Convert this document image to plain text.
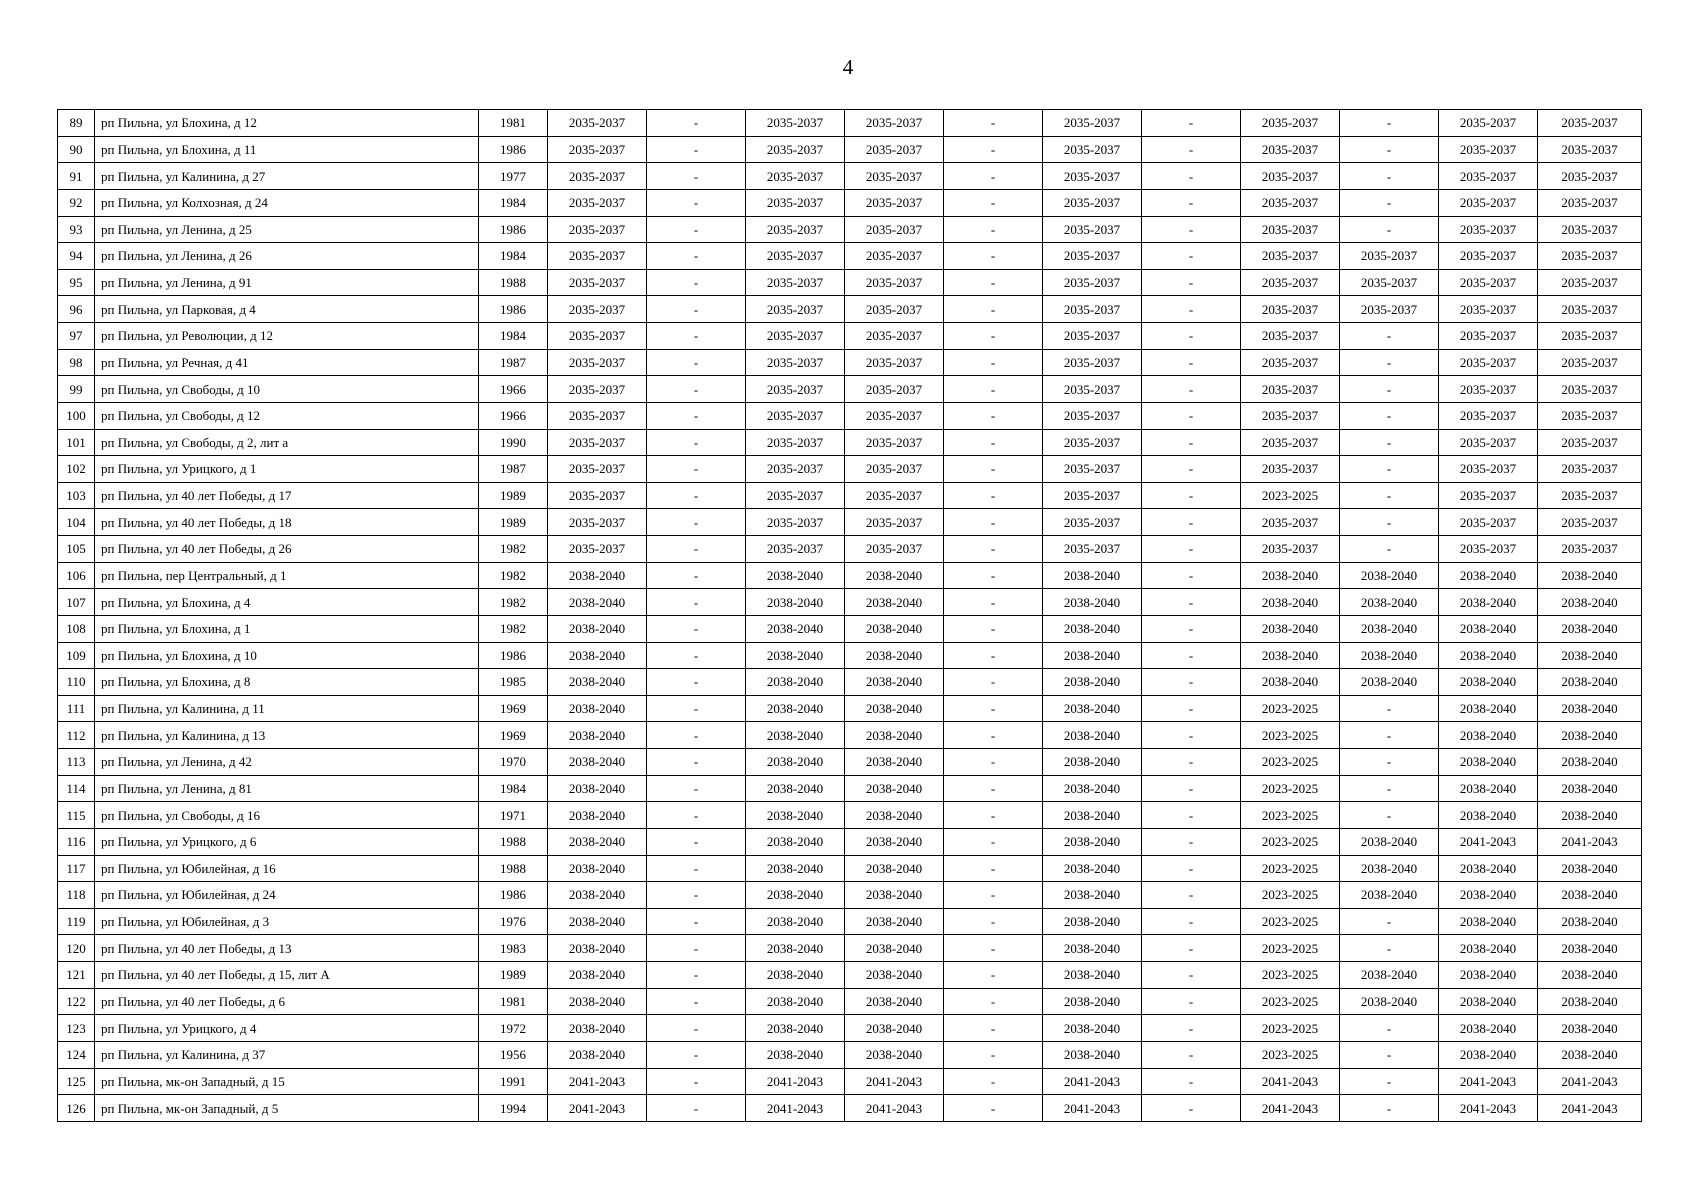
4
89	рп Пильна, ул Блохина, д 12	1981	2035-2037	-	2035-2037	2035-2037	-	2035-2037	-	2035-2037	-	2035-2037	2035-2037
90	рп Пильна, ул Блохина, д 11	1986	2035-2037	-	2035-2037	2035-2037	-	2035-2037	-	2035-2037	-	2035-2037	2035-2037
91	рп Пильна, ул Калинина, д 27	1977	2035-2037	-	2035-2037	2035-2037	-	2035-2037	-	2035-2037	-	2035-2037	2035-2037
92	рп Пильна, ул Колхозная, д 24	1984	2035-2037	-	2035-2037	2035-2037	-	2035-2037	-	2035-2037	-	2035-2037	2035-2037
93	рп Пильна, ул Ленина, д 25	1986	2035-2037	-	2035-2037	2035-2037	-	2035-2037	-	2035-2037	-	2035-2037	2035-2037
94	рп Пильна, ул Ленина, д 26	1984	2035-2037	-	2035-2037	2035-2037	-	2035-2037	-	2035-2037	2035-2037	2035-2037	2035-2037
95	рп Пильна, ул Ленина, д 91	1988	2035-2037	-	2035-2037	2035-2037	-	2035-2037	-	2035-2037	2035-2037	2035-2037	2035-2037
96	рп Пильна, ул Парковая, д 4	1986	2035-2037	-	2035-2037	2035-2037	-	2035-2037	-	2035-2037	2035-2037	2035-2037	2035-2037
97	рп Пильна, ул Революции, д 12	1984	2035-2037	-	2035-2037	2035-2037	-	2035-2037	-	2035-2037	-	2035-2037	2035-2037
98	рп Пильна, ул Речная, д 41	1987	2035-2037	-	2035-2037	2035-2037	-	2035-2037	-	2035-2037	-	2035-2037	2035-2037
99	рп Пильна, ул Свободы, д 10	1966	2035-2037	-	2035-2037	2035-2037	-	2035-2037	-	2035-2037	-	2035-2037	2035-2037
100	рп Пильна, ул Свободы, д 12	1966	2035-2037	-	2035-2037	2035-2037	-	2035-2037	-	2035-2037	-	2035-2037	2035-2037
101	рп Пильна, ул Свободы, д 2, лит а	1990	2035-2037	-	2035-2037	2035-2037	-	2035-2037	-	2035-2037	-	2035-2037	2035-2037
102	рп Пильна, ул Урицкого, д 1	1987	2035-2037	-	2035-2037	2035-2037	-	2035-2037	-	2035-2037	-	2035-2037	2035-2037
103	рп Пильна, ул 40 лет Победы, д 17	1989	2035-2037	-	2035-2037	2035-2037	-	2035-2037	-	2023-2025	-	2035-2037	2035-2037
104	рп Пильна, ул 40 лет Победы, д 18	1989	2035-2037	-	2035-2037	2035-2037	-	2035-2037	-	2035-2037	-	2035-2037	2035-2037
105	рп Пильна, ул 40 лет Победы, д 26	1982	2035-2037	-	2035-2037	2035-2037	-	2035-2037	-	2035-2037	-	2035-2037	2035-2037
106	рп Пильна, пер Центральный, д 1	1982	2038-2040	-	2038-2040	2038-2040	-	2038-2040	-	2038-2040	2038-2040	2038-2040	2038-2040
107	рп Пильна, ул Блохина, д 4	1982	2038-2040	-	2038-2040	2038-2040	-	2038-2040	-	2038-2040	2038-2040	2038-2040	2038-2040
108	рп Пильна, ул Блохина, д 1	1982	2038-2040	-	2038-2040	2038-2040	-	2038-2040	-	2038-2040	2038-2040	2038-2040	2038-2040
109	рп Пильна, ул Блохина, д 10	1986	2038-2040	-	2038-2040	2038-2040	-	2038-2040	-	2038-2040	2038-2040	2038-2040	2038-2040
110	рп Пильна, ул Блохина, д 8	1985	2038-2040	-	2038-2040	2038-2040	-	2038-2040	-	2038-2040	2038-2040	2038-2040	2038-2040
111	рп Пильна, ул Калинина, д 11	1969	2038-2040	-	2038-2040	2038-2040	-	2038-2040	-	2023-2025	-	2038-2040	2038-2040
112	рп Пильна, ул Калинина, д 13	1969	2038-2040	-	2038-2040	2038-2040	-	2038-2040	-	2023-2025	-	2038-2040	2038-2040
113	рп Пильна, ул Ленина, д 42	1970	2038-2040	-	2038-2040	2038-2040	-	2038-2040	-	2023-2025	-	2038-2040	2038-2040
114	рп Пильна, ул Ленина, д 81	1984	2038-2040	-	2038-2040	2038-2040	-	2038-2040	-	2023-2025	-	2038-2040	2038-2040
115	рп Пильна, ул Свободы, д 16	1971	2038-2040	-	2038-2040	2038-2040	-	2038-2040	-	2023-2025	-	2038-2040	2038-2040
116	рп Пильна, ул Урицкого, д 6	1988	2038-2040	-	2038-2040	2038-2040	-	2038-2040	-	2023-2025	2038-2040	2041-2043	2041-2043
117	рп Пильна, ул Юбилейная, д 16	1988	2038-2040	-	2038-2040	2038-2040	-	2038-2040	-	2023-2025	2038-2040	2038-2040	2038-2040
118	рп Пильна, ул Юбилейная, д 24	1986	2038-2040	-	2038-2040	2038-2040	-	2038-2040	-	2023-2025	2038-2040	2038-2040	2038-2040
119	рп Пильна, ул Юбилейная, д 3	1976	2038-2040	-	2038-2040	2038-2040	-	2038-2040	-	2023-2025	-	2038-2040	2038-2040
120	рп Пильна, ул 40 лет Победы, д 13	1983	2038-2040	-	2038-2040	2038-2040	-	2038-2040	-	2023-2025	-	2038-2040	2038-2040
121	рп Пильна, ул 40 лет Победы, д 15, лит А	1989	2038-2040	-	2038-2040	2038-2040	-	2038-2040	-	2023-2025	2038-2040	2038-2040	2038-2040
122	рп Пильна, ул 40 лет Победы, д 6	1981	2038-2040	-	2038-2040	2038-2040	-	2038-2040	-	2023-2025	2038-2040	2038-2040	2038-2040
123	рп Пильна, ул Урицкого, д 4	1972	2038-2040	-	2038-2040	2038-2040	-	2038-2040	-	2023-2025	-	2038-2040	2038-2040
124	рп Пильна, ул Калинина, д 37	1956	2038-2040	-	2038-2040	2038-2040	-	2038-2040	-	2023-2025	-	2038-2040	2038-2040
125	рп Пильна, мк-он Западный, д 15	1991	2041-2043	-	2041-2043	2041-2043	-	2041-2043	-	2041-2043	-	2041-2043	2041-2043
126	рп Пильна, мк-он Западный, д 5	1994	2041-2043	-	2041-2043	2041-2043	-	2041-2043	-	2041-2043	-	2041-2043	2041-2043
